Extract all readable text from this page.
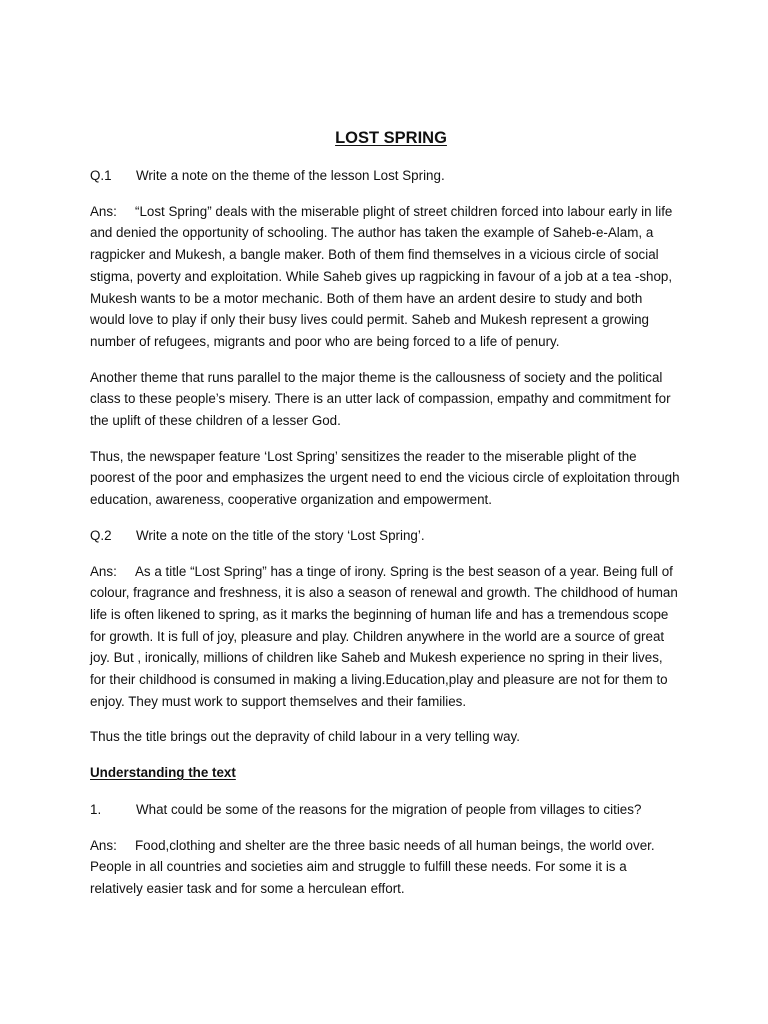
LOST SPRING
Q.1	Write a note on the theme of the lesson Lost Spring.
Ans: “Lost Spring” deals with the miserable plight of street children forced into labour early in life and denied the opportunity of schooling. The author has taken the example of Saheb-e-Alam, a ragpicker and Mukesh, a bangle maker. Both of them find themselves in a vicious circle of social stigma, poverty and exploitation. While Saheb gives up ragpicking in favour of a job at a tea -shop, Mukesh wants to be a motor mechanic. Both of them have an ardent desire to study and both would love to play if only their busy lives could permit. Saheb and Mukesh represent a growing number of refugees, migrants and poor who are being forced to a life of penury.
Another theme that runs parallel to the major theme is the callousness of society and the political class to these people’s misery. There is an utter lack of compassion, empathy and commitment for the uplift of these children of a lesser God.
Thus, the newspaper feature ‘Lost Spring’ sensitizes the reader to the miserable plight of the poorest of the poor and emphasizes the urgent need to end the vicious circle of exploitation through education, awareness, cooperative organization and empowerment.
Q.2	Write a note on the title of the story ‘Lost Spring’.
Ans: As a title “Lost Spring” has a tinge of irony. Spring is the best season of a year. Being full of colour, fragrance and freshness, it is also a season of renewal and growth. The childhood of human life is often likened to spring, as it marks the beginning of human life and has a tremendous scope for growth. It is full of joy, pleasure and play. Children anywhere in the world are a source of great joy. But , ironically, millions of children like Saheb and Mukesh experience no spring in their lives, for their childhood is consumed in making a living.Education,play and pleasure are not for them to enjoy. They must work to support themselves and their families.
Thus the title brings out the depravity of child labour in a very telling way.
Understanding the text
1.	What could be some of the reasons for the migration of people from villages to cities?
Ans: Food,clothing and shelter are the three basic needs of all human beings, the world over. People in all countries and societies aim and struggle to fulfill these needs. For some it is a relatively easier task and for some a herculean effort.
